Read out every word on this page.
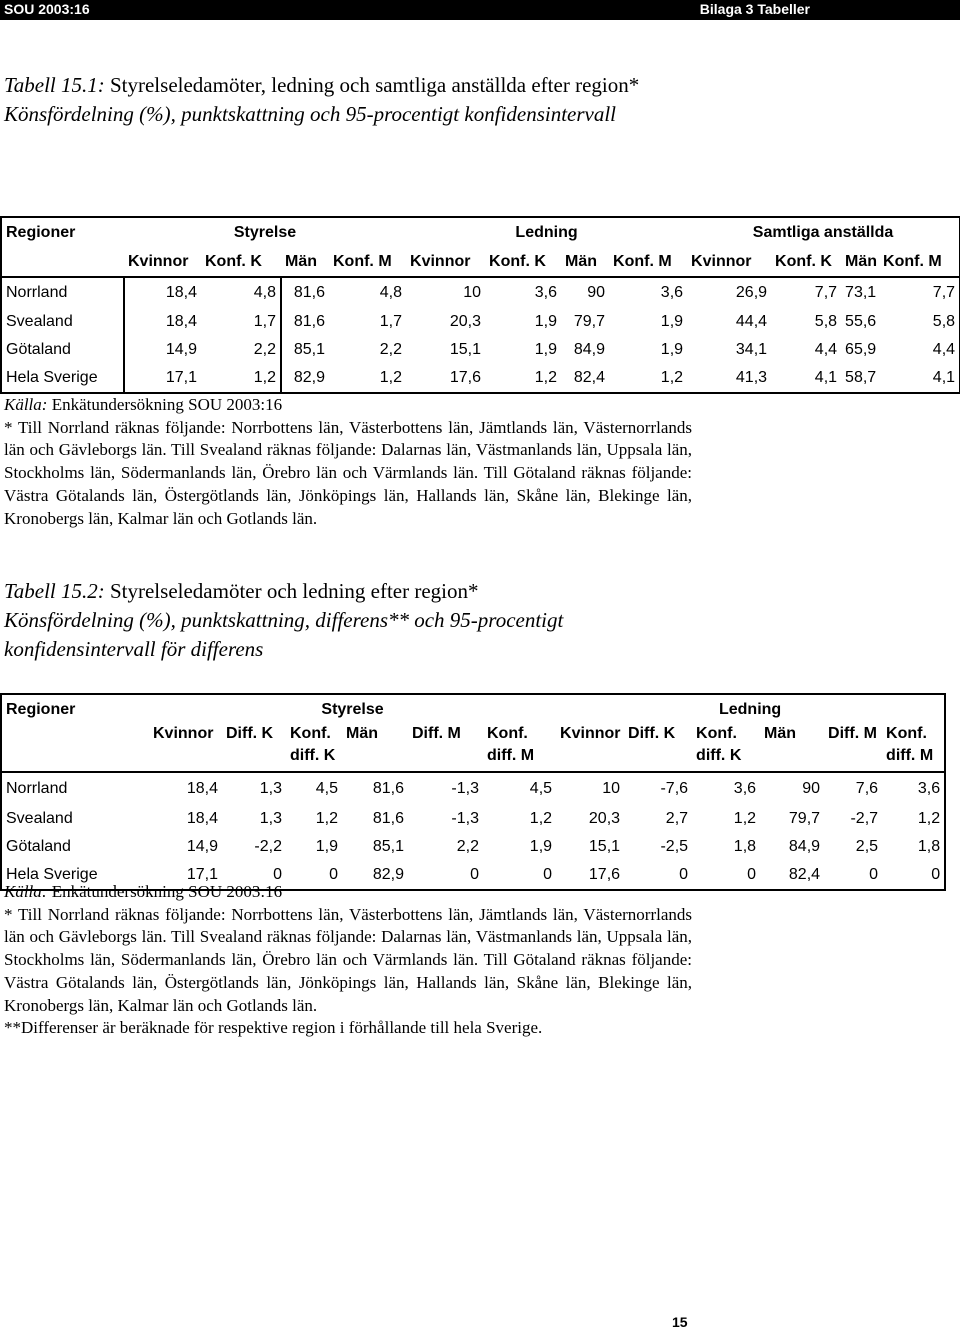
SOU 2003:16	Bilaga 3 Tabeller
Tabell 15.1: Styrelseledamöter, ledning och samtliga anställda efter region*
Könsfördelning (%), punktskattning och 95-procentigt konfidensintervall
Regioner	Styrelse				Ledning				Samtliga anställda			
	Kvinnor	Konf. K	Män	Konf. M	Kvinnor	Konf. K	Män	Konf. M	Kvinnor	Konf. K	Män	Konf. M
Norrland	18,4	4,8	81,6	4,8	10	3,6	90	3,6	26,9	7,7	73,1	7,7
Svealand	18,4	1,7	81,6	1,7	20,3	1,9	79,7	1,9	44,4	5,8	55,6	5,8
Götaland	14,9	2,2	85,1	2,2	15,1	1,9	84,9	1,9	34,1	4,4	65,9	4,4
Hela Sverige	17,1	1,2	82,9	1,2	17,6	1,2	82,4	1,2	41,3	4,1	58,7	4,1

Källa: Enkätundersökning SOU 2003:16

* Till Norrland räknas följande: Norrbottens län, Västerbottens län, Jämtlands län, Västernorrlands län och Gävleborgs län. Till Svealand räknas följande: Dalarnas län, Västmanlands län, Uppsala län, Stockholms län, Södermanlands län, Örebro län och Värmlands län. Till Götaland räknas följande: Västra Götalands län, Östergötlands län, Jönköpings län, Hallands län, Skåne län, Blekinge län, Kronobergs län, Kalmar län och Gotlands län.

Tabell 15.2: Styrelseledamöter och ledning efter region*
Könsfördelning (%), punktskattning, differens** och 95-procentigt konfidensintervall för differens
Regioner	Styrelse						Ledning					
	Kvinnor	Diff. K	Konf.	Män	Diff. M	Konf.	Kvinnor	Diff. K	Konf.	Män	Diff. M	Konf.
			diff. K			diff. M			diff. K			diff. M
Norrland	18,4	1,3	4,5	81,6	-1,3	4,5	10	-7,6	3,6	90	7,6	3,6
Svealand	18,4	1,3	1,2	81,6	-1,3	1,2	20,3	2,7	1,2	79,7	-2,7	1,2
Götaland	14,9	-2,2	1,9	85,1	2,2	1,9	15,1	-2,5	1,8	84,9	2,5	1,8
Hela Sverige	17,1	0	0	82,9	0	0	17,6	0	0	82,4	0	0

Källa: Enkätundersökning SOU 2003:16

* Till Norrland räknas följande: Norrbottens län, Västerbottens län, Jämtlands län, Västernorrlands län och Gävleborgs län. Till Svealand räknas följande: Dalarnas län, Västmanlands län, Uppsala län, Stockholms län, Södermanlands län, Örebro län och Värmlands län. Till Götaland räknas följande: Västra Götalands län, Östergötlands län, Jönköpings län, Hallands län, Skåne län, Blekinge län, Kronobergs län, Kalmar län och Gotlands län.

**Differenser är beräknade för respektive region i förhållande till hela Sverige.

15
